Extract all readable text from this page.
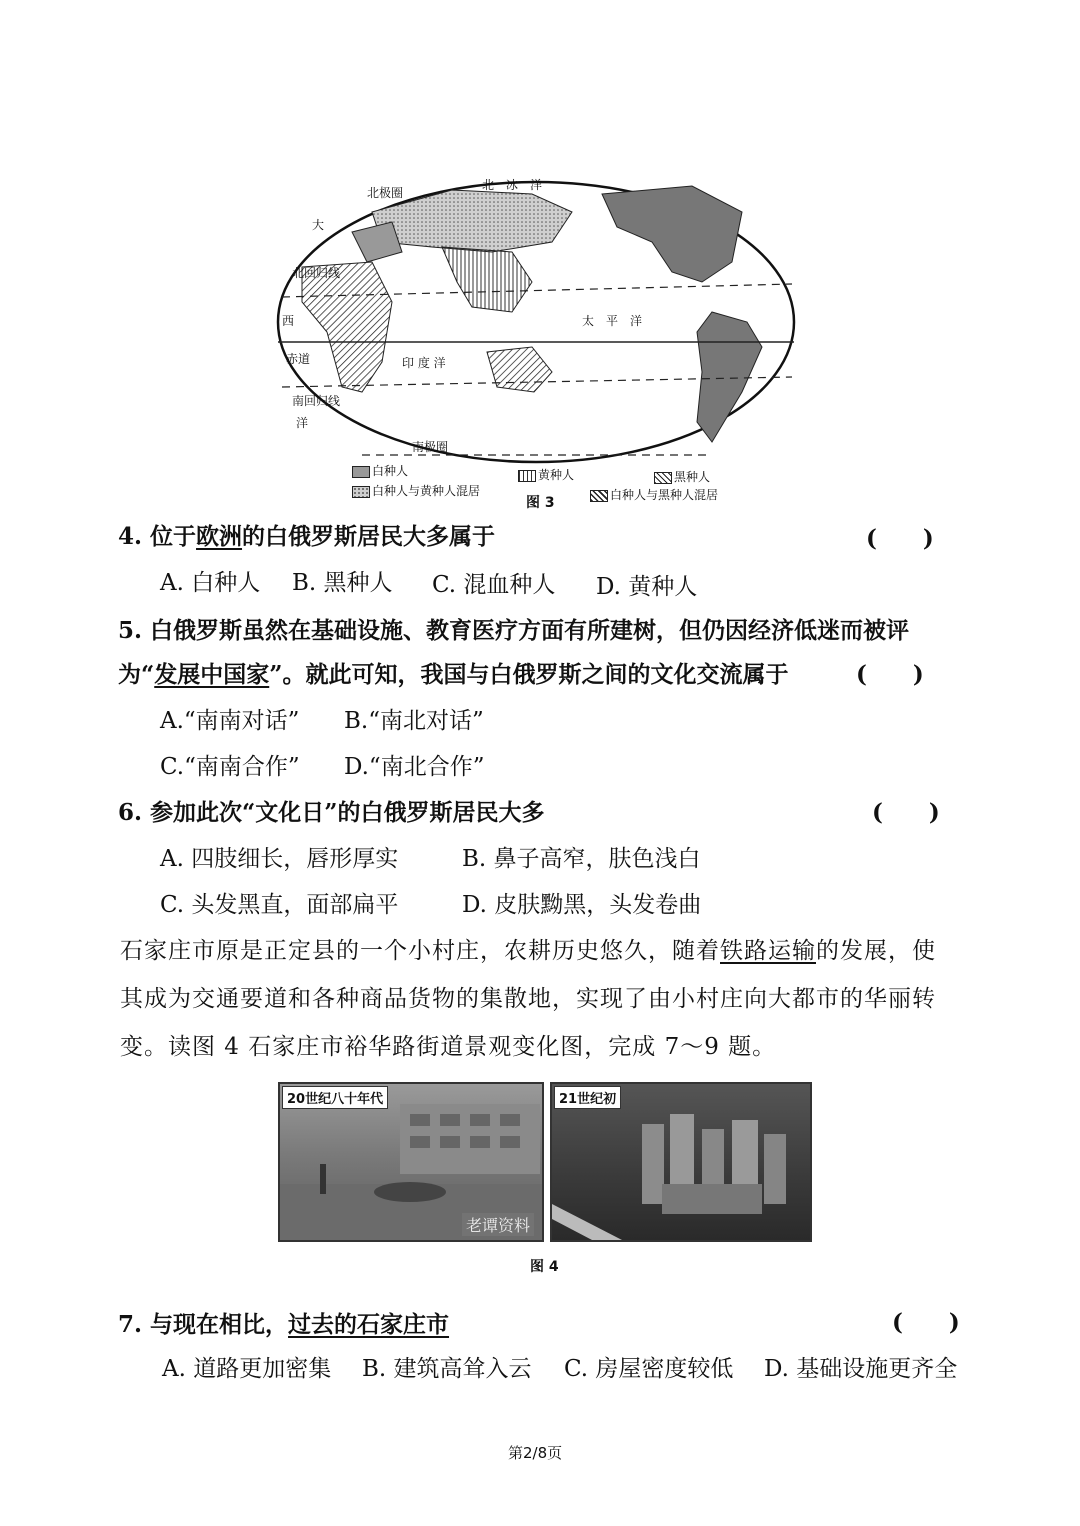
北极圈
北　冰　洋
北回归线
太　平　洋
赤道	印 度 洋
南回归线
南极圈
大
西
洋
白种人	黄种人	黑种人
白种人与黄种人混居	白种人与黑种人混居
图 3
4. 位于欧洲的白俄罗斯居民大多属于	(　　)
A. 白种人 B. 黑种人 C. 混血种人 D. 黄种人
5. 白俄罗斯虽然在基础设施、教育医疗方面有所建树，但仍因经济低迷而被评
为“发展中国家”。就此可知，我国与白俄罗斯之间的文化交流属于	(　　)
A.“南南对话” B.“南北对话”
C.“南南合作” D.“南北合作”
6. 参加此次“文化日”的白俄罗斯居民大多	(　　)
A. 四肢细长，唇形厚实	B. 鼻子高窄，肤色浅白
C. 头发黑直，面部扁平	D. 皮肤黝黑，头发卷曲
石家庄市原是正定县的一个小村庄，农耕历史悠久，随着铁路运输的发展，使
其成为交通要道和各种商品货物的集散地，实现了由小村庄向大都市的华丽转
变。读图 4 石家庄市裕华路街道景观变化图，完成 7～9 题。
20世纪八十年代
老谭资料
21世纪初
图 4
7. 与现在相比，过去的石家庄市	(　　)
A. 道路更加密集 B. 建筑高耸入云 C. 房屋密度较低 D. 基础设施更齐全
第2/8页
